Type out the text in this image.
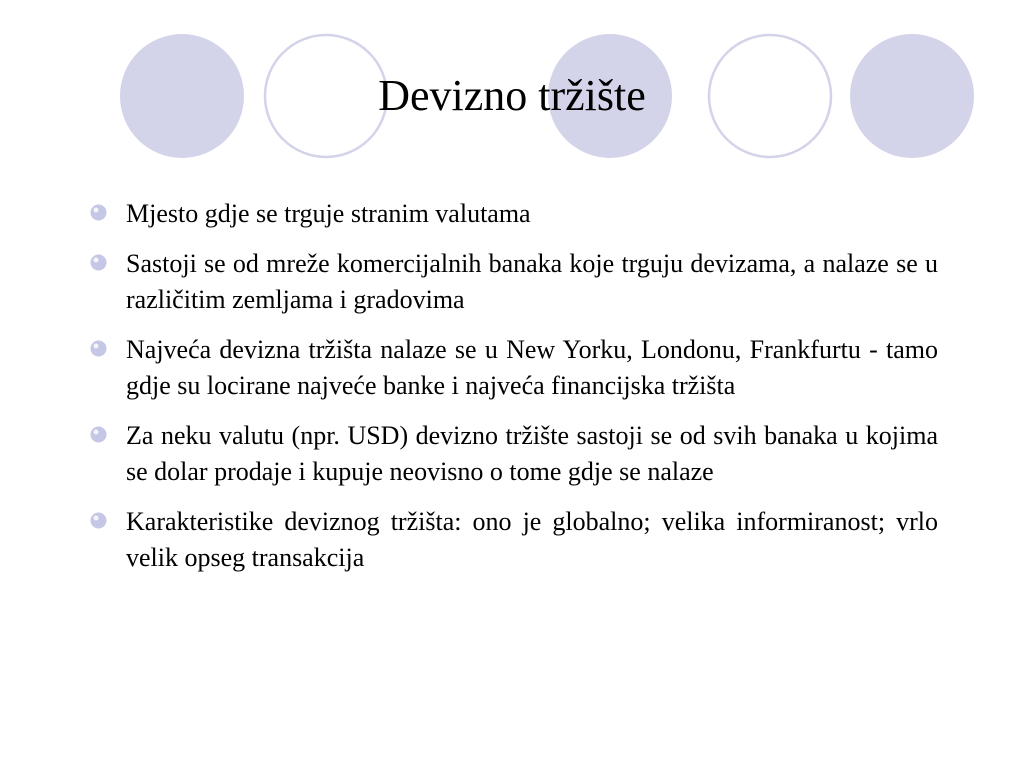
Devizno tržište
Mjesto gdje se trguje stranim valutama
Sastoji se od mreže komercijalnih banaka koje trguju devizama, a nalaze se u različitim zemljama i gradovima
Najveća devizna tržišta nalaze se u New Yorku, Londonu, Frankfurtu - tamo gdje su locirane najveće banke i najveća financijska tržišta
Za neku valutu (npr. USD) devizno tržište sastoji se od svih banaka u kojima se dolar prodaje i kupuje neovisno o tome gdje se nalaze
Karakteristike deviznog tržišta: ono je globalno; velika informiranost; vrlo velik opseg transakcija
